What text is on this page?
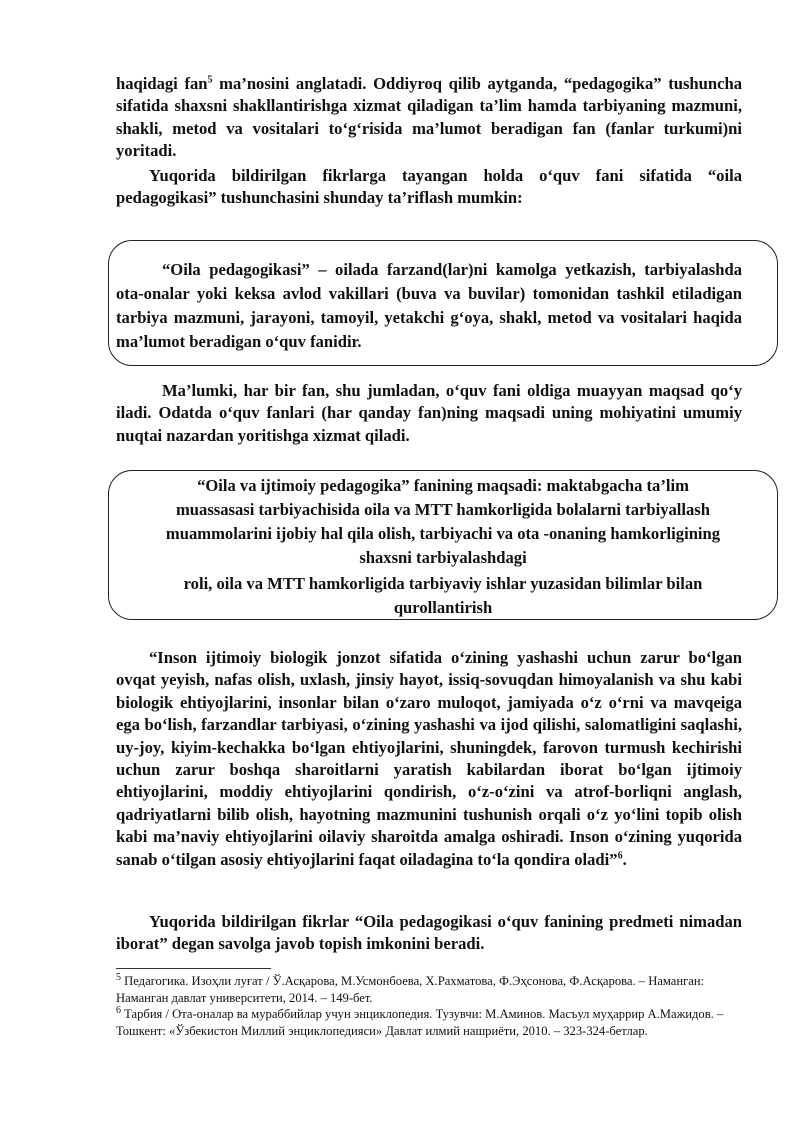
haqidagi fan$^5$ ma’nosini anglatadi. Oddiyroq qilib aytganda, “pedagogika” tushuncha sifatida shaxsni shakllantirishga xizmat qiladigan ta’lim hamda tarbiyaning mazmuni, shakli, metod va vositalari to‘g‘risida ma’lumot beradigan fan (fanlar turkumi)ni yoritadi.

Yuqorida bildirilgan fikrlarga tayangan holda o‘quv fani sifatida “oila pedagogikasi” tushunchasini shunday ta’riflash mumkin:

“Oila pedagogikasi” – oilada farzand(lar)ni kamolga yetkazish, tarbiyalashda ota-onalar yoki keksa avlod vakillari (buva va buvilar) tomonidan tashkil etiladigan tarbiya mazmuni, jarayoni, tamoyil, yetakchi g‘oya, shakl, metod va vositalari haqida ma’lumot beradigan o‘quv fanidir.

Ma’lumki, har bir fan, shu jumladan, o‘quv fani oldiga muayyan maqsad qo‘y iladi. Odatda o‘quv fanlari (har qanday fan)ning maqsadi uning mohiyatini umumiy nuqtai nazardan yoritishga xizmat qiladi.

“Oila va ijtimoiy pedagogika” fanining maqsadi: maktabgacha ta’lim

muassasasi tarbiyachisida oila va MTT hamkorligida bolalarni tarbiyallash

muammolarini ijobiy hal qila olish, tarbiyachi va ota -onaning hamkorligining

shaxsni tarbiyalashdagi

roli, oila va MTT hamkorligida tarbiyaviy ishlar yuzasidan bilimlar bilan

qurollantirish

“Inson ijtimoiy biologik jonzot sifatida o‘zining yashashi uchun zarur bo‘lgan ovqat yeyish, nafas olish, uxlash, jinsiy hayot, issiq-sovuqdan himoyalanish va shu kabi biologik ehtiyojlarini, insonlar bilan o‘zaro muloqot, jamiyada o‘z o‘rni va mavqeiga ega bo‘lish, farzandlar tarbiyasi, o‘zining yashashi va ijod qilishi, salomatligini saqlashi, uy-joy, kiyim-kechakka bo‘lgan ehtiyojlarini, shuningdek, farovon turmush kechirishi uchun zarur boshqa sharoitlarni yaratish kabilardan iborat bo‘lgan ijtimoiy ehtiyojlarini, moddiy ehtiyojlarini qondirish, o‘z-o‘zini va atrof-borliqni anglash, qadriyatlarni bilib olish, hayotning mazmunini tushunish orqali o‘z yo‘lini topib olish kabi ma’naviy ehtiyojlarini oilaviy sharoitda amalga oshiradi. Inson o‘zining yuqorida sanab o‘tilgan asosiy ehtiyojlarini faqat oiladagina to‘la qondira oladi”$^6$.

Yuqorida bildirilgan fikrlar “Oila pedagogikasi o‘quv fanining predmeti nimadan iborat” degan savolga javob topish imkonini beradi.

$^5$ Педагогика. Изоҳли луғат / Ў.Асқарова, М.Усмонбоева, Х.Рахматова, Ф.Эҳсонова, Ф.Асқарова. – Наманган: Наманган давлат университети, 2014. – 149-бет.

$^6$ Тарбия / Ота-оналар ва мураббийлар учун энциклопедия. Тузувчи: М.Аминов. Масъул муҳаррир А.Мажидов. – Тошкент: «Ўзбекистон Миллий энциклопедияси» Давлат илмий нашриёти, 2010. – 323-324-бетлар.
